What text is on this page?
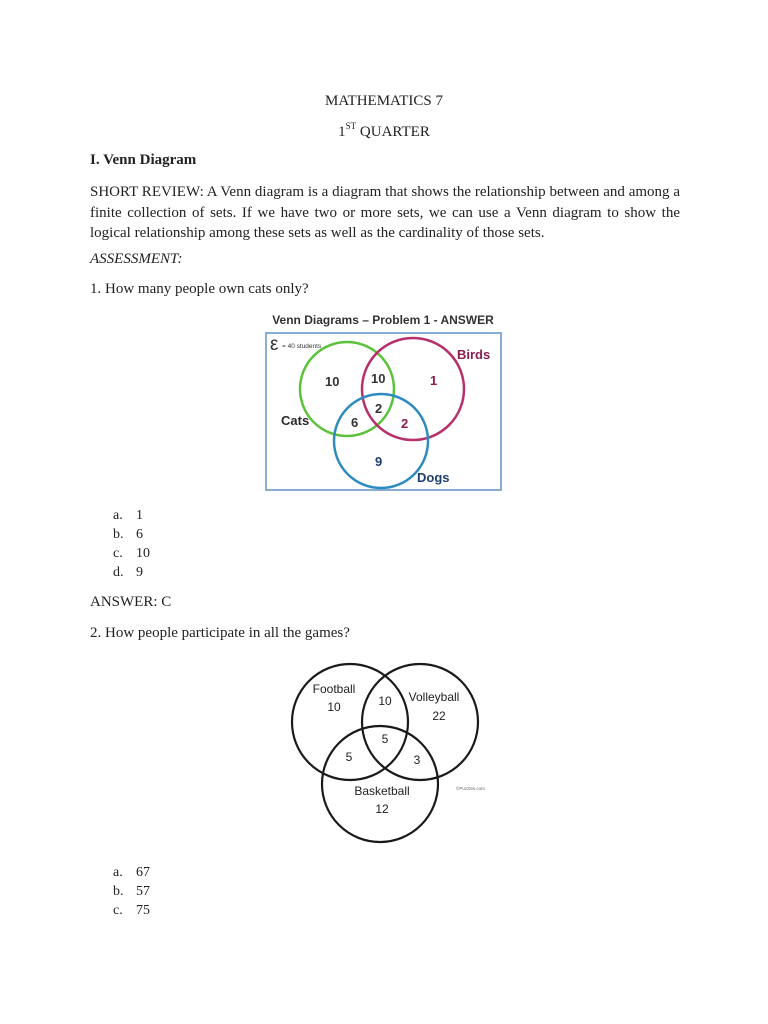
MATHEMATICS 7
1ST QUARTER
I. Venn Diagram
SHORT REVIEW: A Venn diagram is a diagram that shows the relationship between and among a finite collection of sets. If we have two or more sets, we can use a Venn diagram to show the logical relationship among these sets as well as the cardinality of those sets.
ASSESSMENT:
1. How many people own cats only?
Venn Diagrams – Problem 1 - ANSWER
ε = 40 students
Cats
Birds
Dogs
10 10	1
2
6	2
9
a. 1
b. 6
c. 10
d. 9
ANSWER: C
2. How people participate in all the games?
Football
10	10 Volleyball
22
5
5	3
Basketball
12
©Puzzles.com
a. 67
b. 57
c. 75
